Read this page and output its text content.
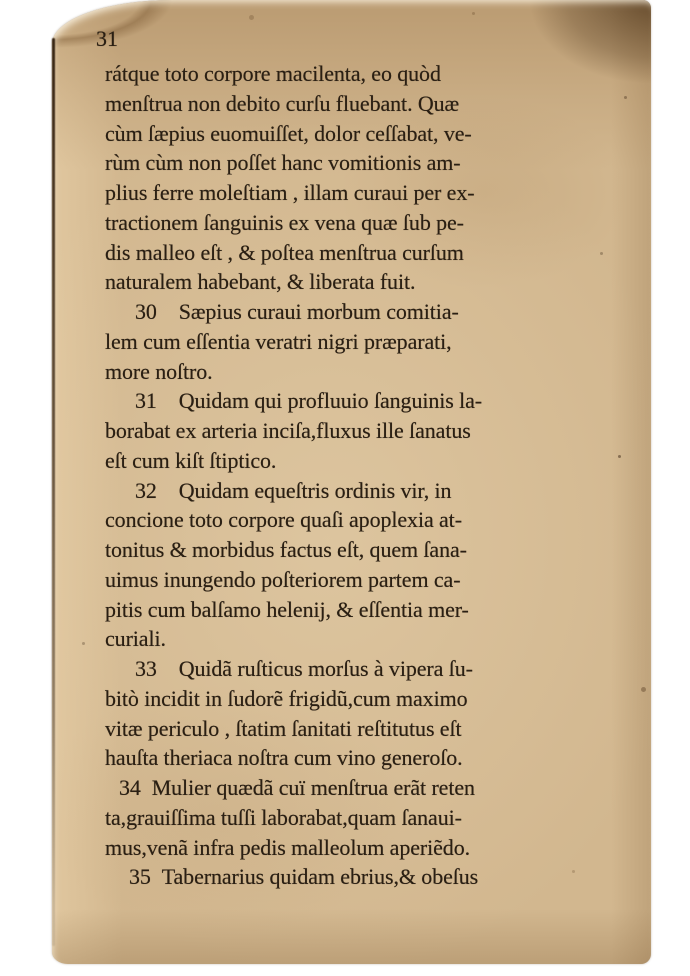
31
rátque toto corpore macilenta, eo quòd
menſtrua non debito curſu fluebant. Quæ
cùm ſæpius euomuiſſet, dolor ceſſabat, ve-
rùm cùm non poſſet hanc vomitionis am-
plius ferre moleſtiam , illam curaui per ex-
tractionem ſanguinis ex vena quæ ſub pe-
dis malleo eſt , & poſtea menſtrua curſum
naturalem habebant, & liberata fuit.
30 Sæpius curaui morbum comitia-
lem cum eſſentia veratri nigri præparati,
more noſtro.
31 Quidam qui profluuio ſanguinis la-
borabat ex arteria inciſa,fluxus ille ſanatus
eſt cum kiſt ſtiptico.
32 Quidam equeſtris ordinis vir, in
concione toto corpore quaſi apoplexia at-
tonitus & morbidus factus eſt, quem ſana-
uimus inungendo poſteriorem partem ca-
pitis cum balſamo helenij, & eſſentia mer-
curiali.
33 Quidã ruſticus morſus à vipera ſu-
bitò incidit in ſudorẽ frigidũ,cum maximo
vitæ periculo , ſtatim ſanitati reſtitutus eſt
hauſta theriaca noſtra cum vino generoſo.
34 Mulier quædã cuï menſtrua erãt reten
ta,grauiſſima tuſſi laborabat,quam ſanaui-
mus,venã infra pedis malleolum aperiẽdo.
35 Tabernarius quidam ebrius,& obeſus
